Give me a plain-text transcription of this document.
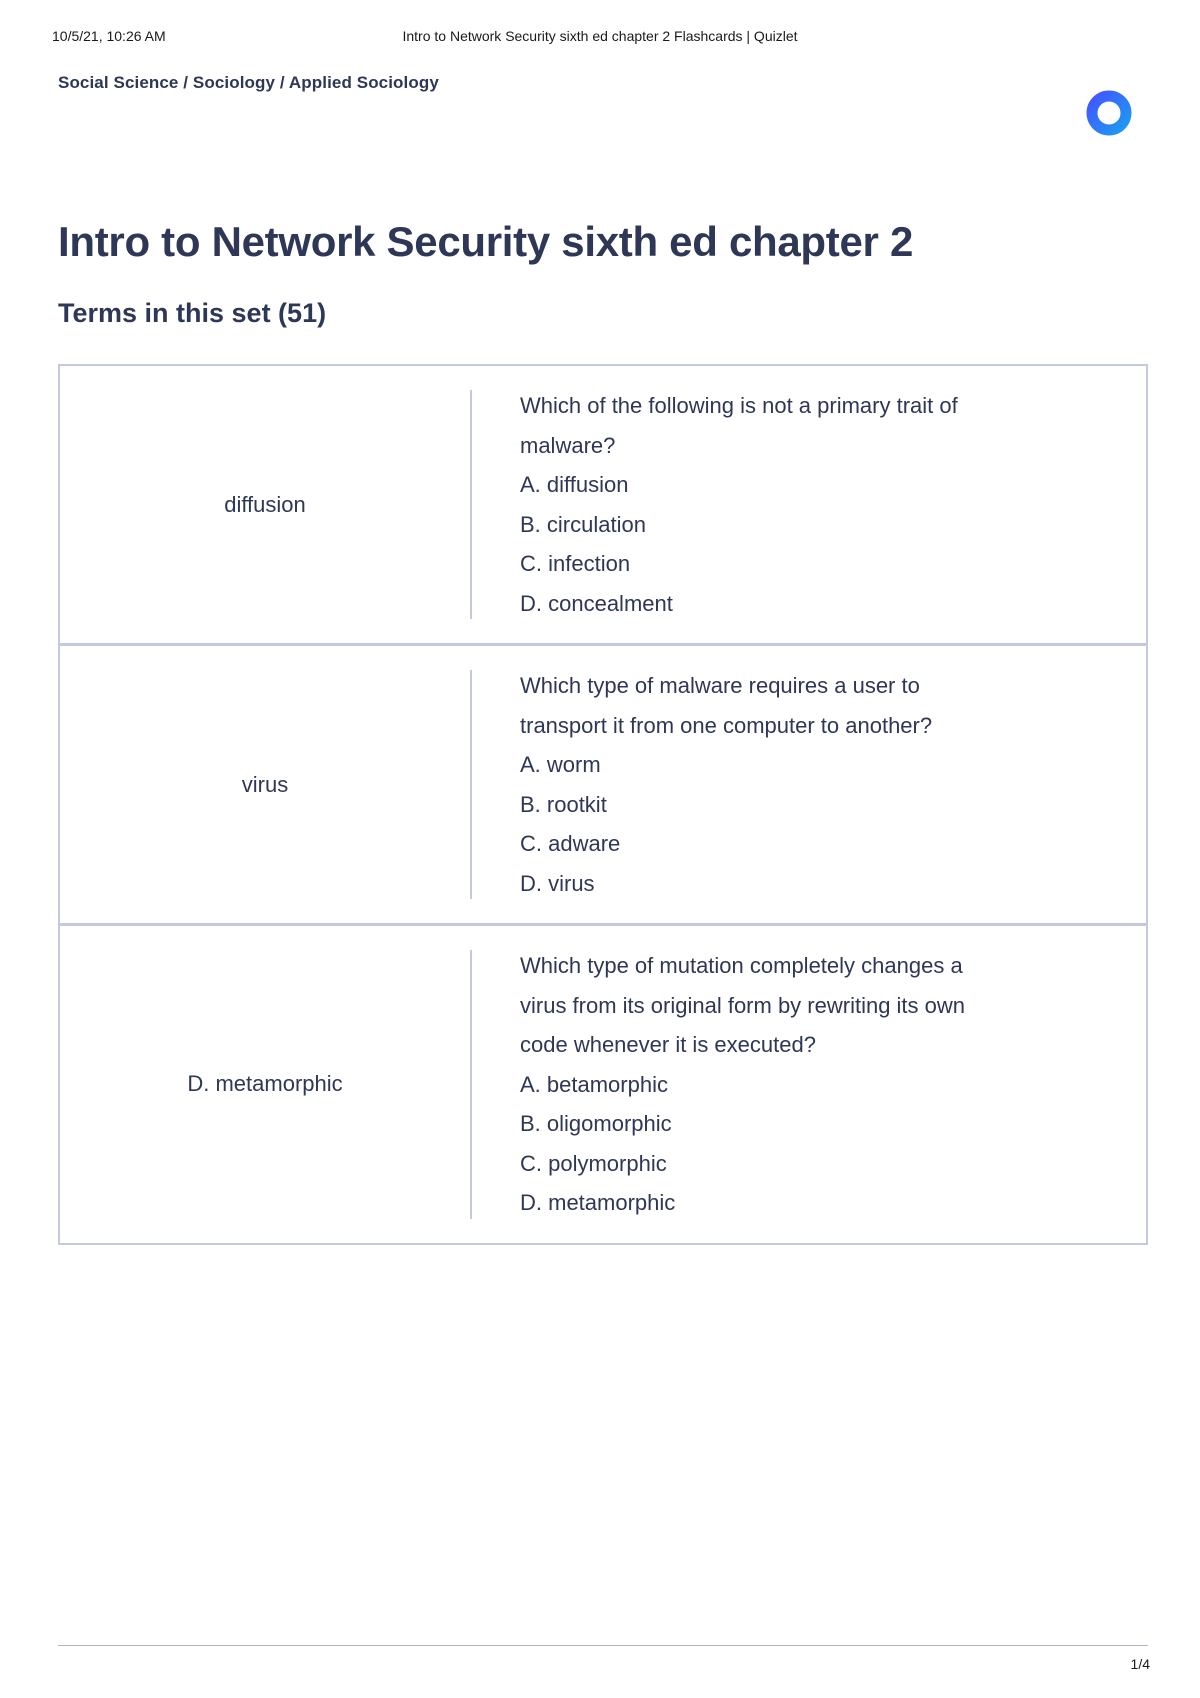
10/5/21, 10:26 AM	Intro to Network Security sixth ed chapter 2 Flashcards | Quizlet
Social Science / Sociology / Applied Sociology
Intro to Network Security sixth ed chapter 2
Terms in this set (51)
diffusion
Which of the following is not a primary trait of
malware?
A. diffusion
B. circulation
C. infection
D. concealment
virus
Which type of malware requires a user to
transport it from one computer to another?
A. worm
B. rootkit
C. adware
D. virus
D. metamorphic
Which type of mutation completely changes a
virus from its original form by rewriting its own
code whenever it is executed?
A. betamorphic
B. oligomorphic
C. polymorphic
D. metamorphic
1/4
